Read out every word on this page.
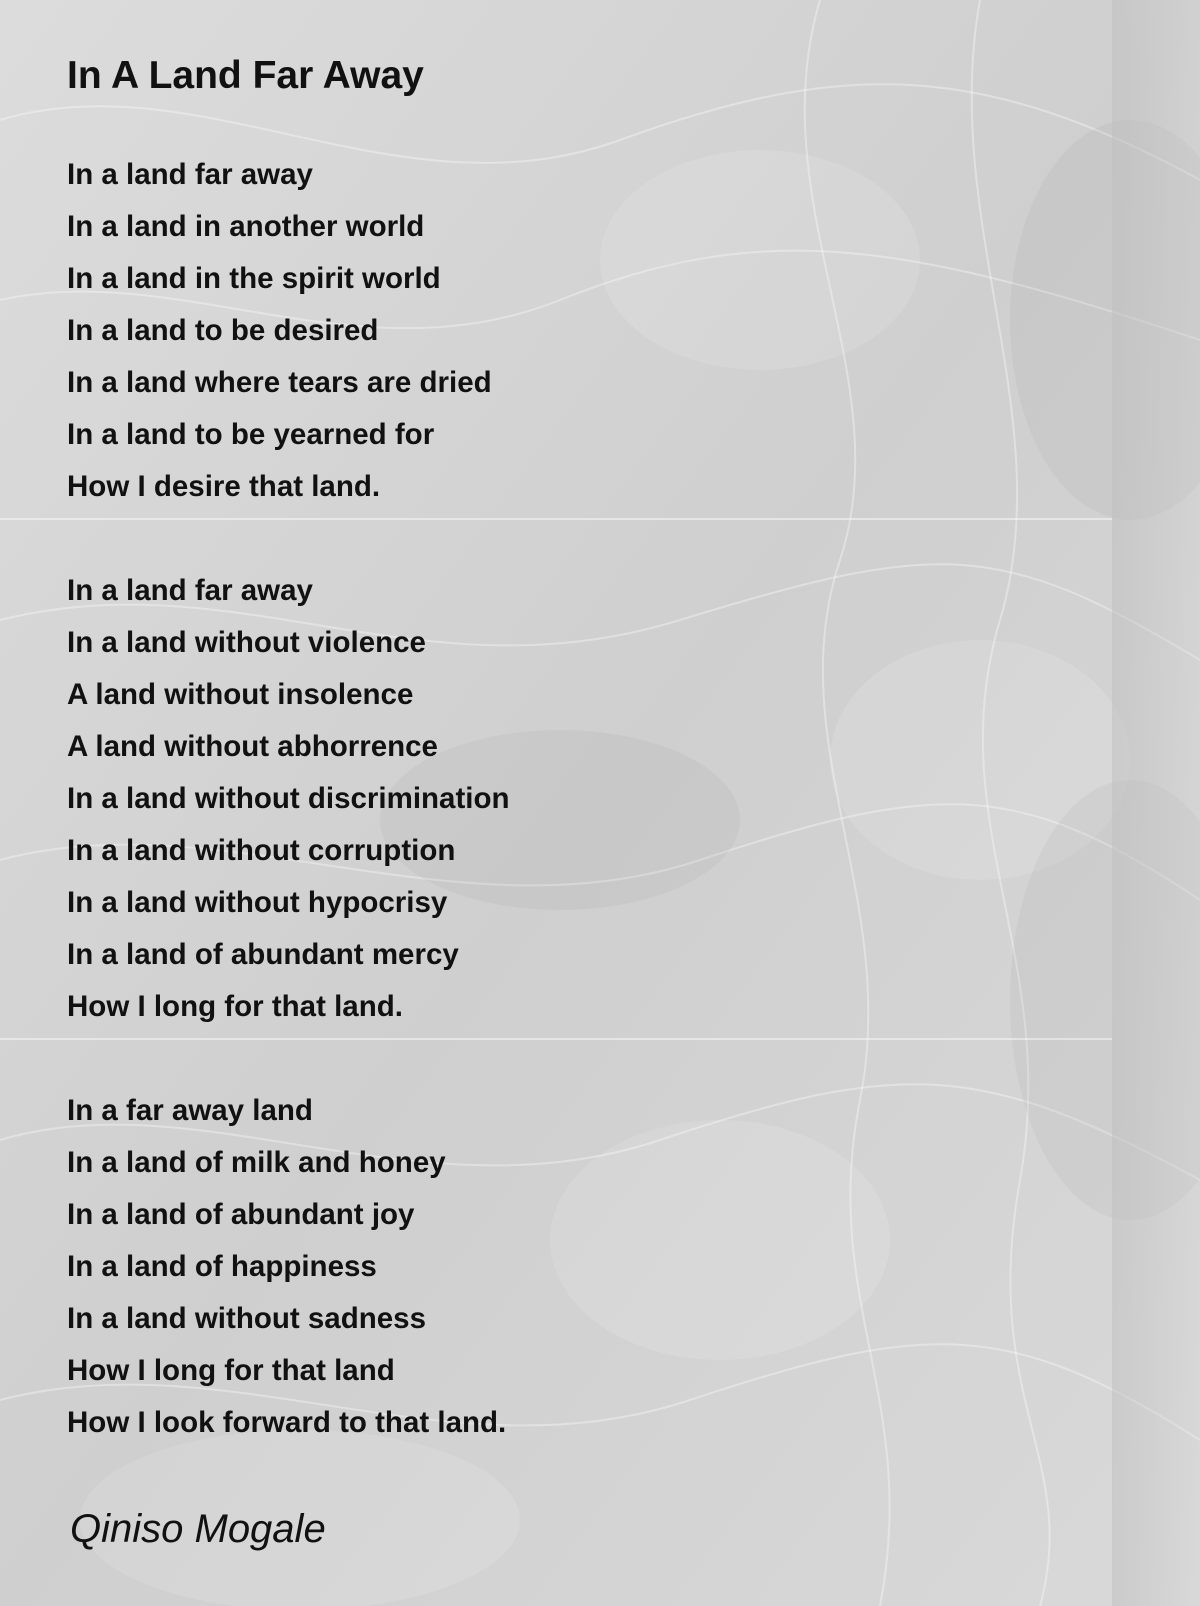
In A Land Far Away
In a land far away
In a land in another world
In a land in the spirit world
In a land to be desired
In a land where tears are dried
In a land to be yearned for
How I desire that land.
In a land far away
In a land without violence
A land without insolence
A land without abhorrence
In a land without discrimination
In a land without corruption
In a land without hypocrisy
In a land of abundant mercy
How I long for that land.
In a far away land
In a land of milk and honey
In a land of abundant joy
In a land of happiness
In a land without sadness
How I long for that land
How I look forward to that land.
Qiniso Mogale
